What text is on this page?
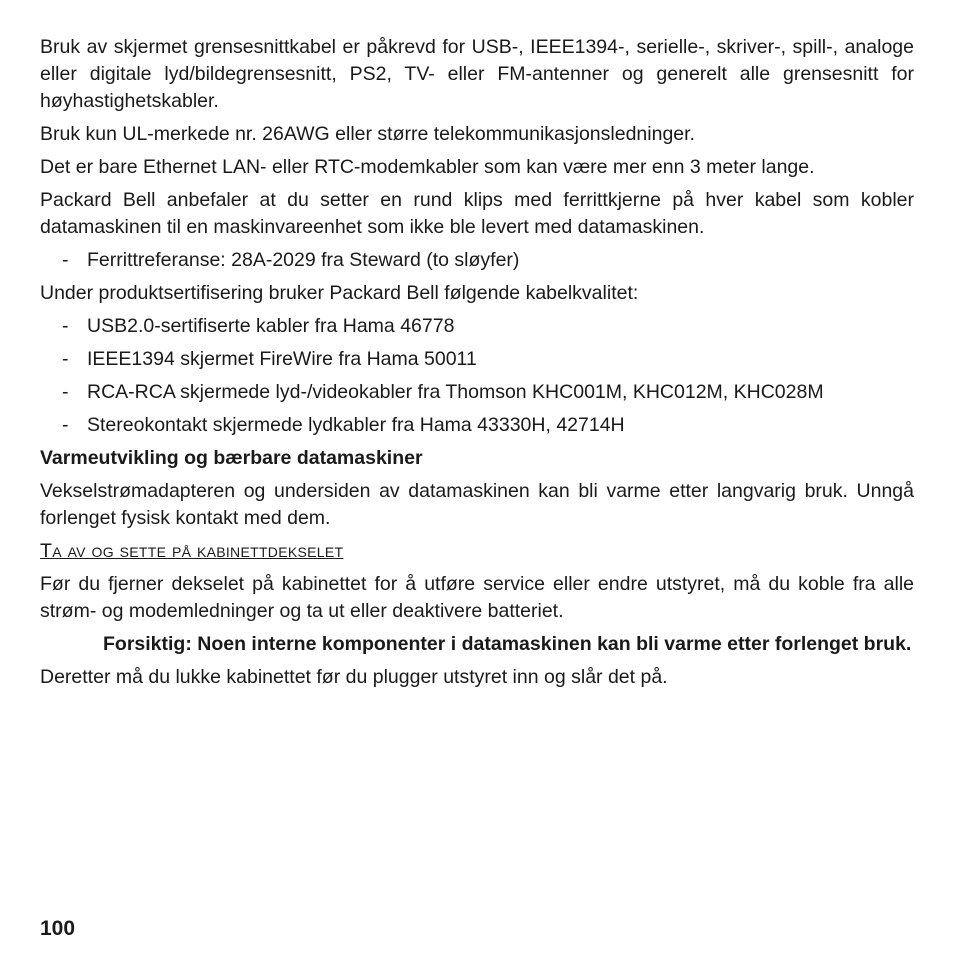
Bruk av skjermet grensesnittkabel er påkrevd for USB-, IEEE1394-, serielle-, skriver-, spill-, analoge eller digitale lyd/bildegrensesnitt, PS2, TV- eller FM-antenner og generelt alle grensesnitt for høyhastighetskabler.

Bruk kun UL-merkede nr. 26AWG eller større telekommunikasjonsledninger.

Det er bare Ethernet LAN- eller RTC-modemkabler som kan være mer enn 3 meter lange.

Packard Bell anbefaler at du setter en rund klips med ferrittkjerne på hver kabel som kobler datamaskinen til en maskinvareenhet som ikke ble levert med datamaskinen.

- Ferrittreferanse: 28A-2029 fra Steward (to sløyfer)

Under produktsertifisering bruker Packard Bell følgende kabelkvalitet:

- USB2.0-sertifiserte kabler fra Hama 46778
- IEEE1394 skjermet FireWire fra Hama 50011
- RCA-RCA skjermede lyd-/videokabler fra Thomson KHC001M, KHC012M, KHC028M
- Stereokontakt skjermede lydkabler fra Hama 43330H, 42714H
Varmeutvikling og bærbare datamaskiner

Vekselstrømadapteren og undersiden av datamaskinen kan bli varme etter langvarig bruk. Unngå forlenget fysisk kontakt med dem.

Ta av og sette på kabinettdekselet

Før du fjerner dekselet på kabinettet for å utføre service eller endre utstyret, må du koble fra alle strøm- og modemledninger og ta ut eller deaktivere batteriet.

Forsiktig: Noen interne komponenter i datamaskinen kan bli varme etter forlenget bruk.

Deretter må du lukke kabinettet før du plugger utstyret inn og slår det på.

100
